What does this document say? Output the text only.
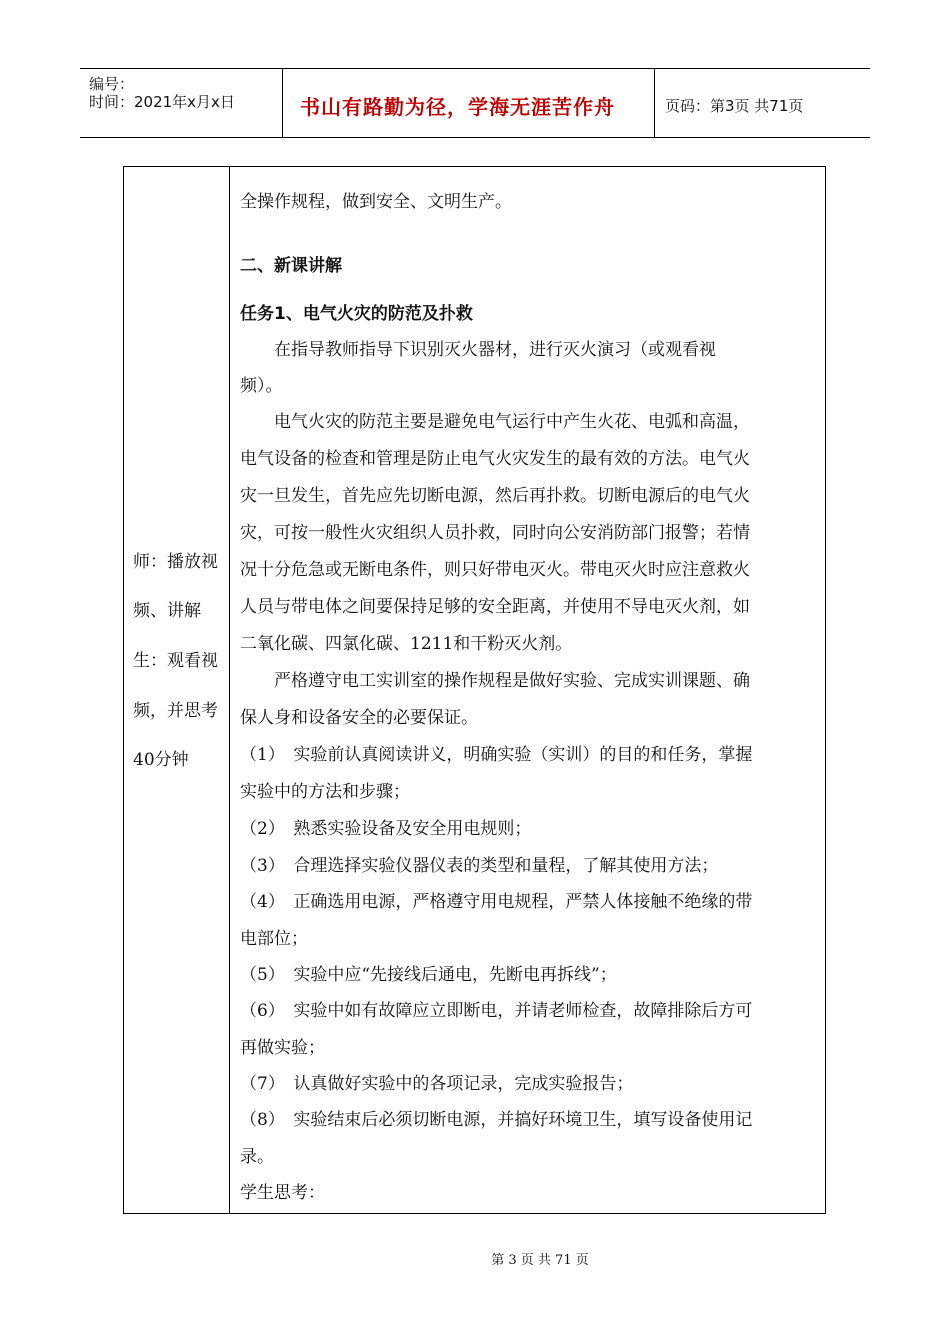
编号：
时间：2021年x月x日	书山有路勤为径，学海无涯苦作舟	页码：第3页 共71页
师：播放视
频、讲解
生：观看视
频，并思考
40分钟
全操作规程，做到安全、文明生产。
二、新课讲解
任务1、电气火灾的防范及扑救
　　在指导教师指导下识别灭火器材，进行灭火演习（或观看视
频）。
　　电气火灾的防范主要是避免电气运行中产生火花、电弧和高温，
电气设备的检查和管理是防止电气火灾发生的最有效的方法。电气火
灾一旦发生，首先应先切断电源，然后再扑救。切断电源后的电气火
灾，可按一般性火灾组织人员扑救，同时向公安消防部门报警；若情
况十分危急或无断电条件，则只好带电灭火。带电灭火时应注意救火
人员与带电体之间要保持足够的安全距离，并使用不导电灭火剂，如
二氧化碳、四氯化碳、1211和干粉灭火剂。
　　严格遵守电工实训室的操作规程是做好实验、完成实训课题、确
保人身和设备安全的必要保证。
（1）　实验前认真阅读讲义，明确实验（实训）的目的和任务，掌握
实验中的方法和步骤；
（2）　熟悉实验设备及安全用电规则；
（3）　合理选择实验仪器仪表的类型和量程，了解其使用方法；
（4）　正确选用电源，严格遵守用电规程，严禁人体接触不绝缘的带
电部位；
（5）　实验中应“先接线后通电，先断电再拆线”；
（6）　实验中如有故障应立即断电，并请老师检查，故障排除后方可
再做实验；
（7）　认真做好实验中的各项记录，完成实验报告；
（8）　实验结束后必须切断电源，并搞好环境卫生，填写设备使用记
录。
学生思考：
第 3 页 共 71 页
